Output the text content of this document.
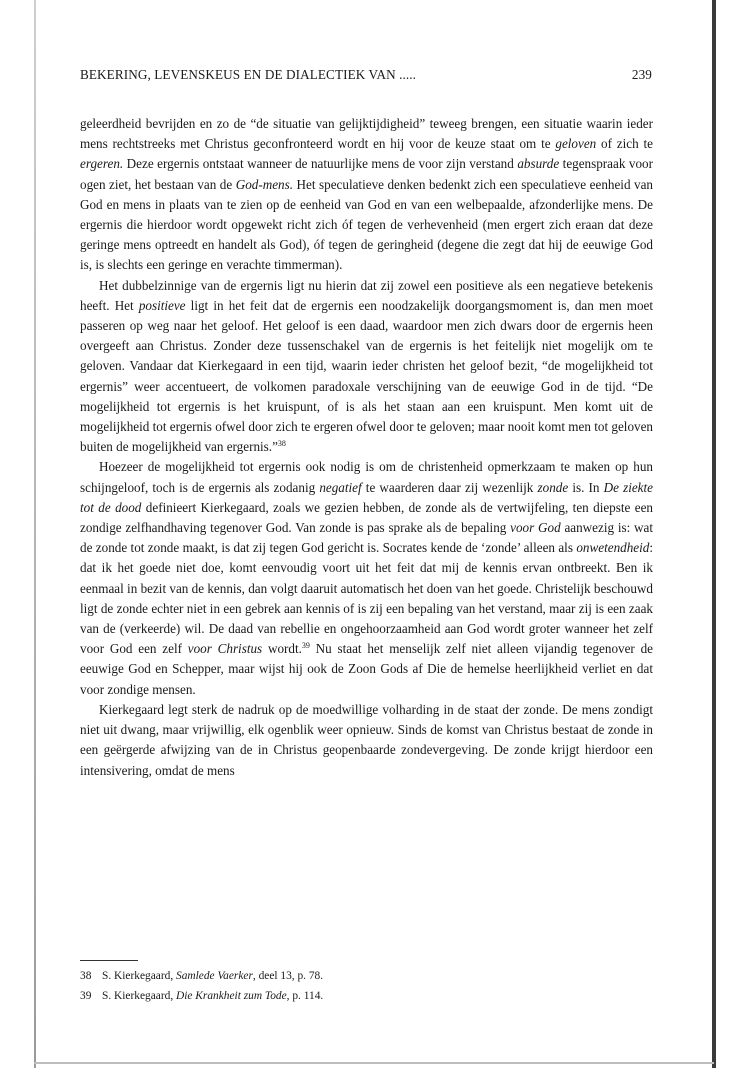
BEKERING, LEVENSKEUS EN DE DIALECTIEK VAN .....	239

geleerdheid bevrijden en zo de “de situatie van gelijktijdigheid” teweeg brengen, een situatie waarin ieder mens rechtstreeks met Christus geconfronteerd wordt en hij voor de keuze staat om te geloven of zich te ergeren. Deze ergernis ontstaat wanneer de natuurlijke mens de voor zijn verstand absurde tegenspraak voor ogen ziet, het bestaan van de God-mens. Het speculatieve denken bedenkt zich een speculatieve eenheid van God en mens in plaats van te zien op de eenheid van God en van een welbepaalde, afzonderlijke mens. De ergernis die hierdoor wordt opgewekt richt zich óf tegen de verhevenheid (men ergert zich eraan dat deze geringe mens optreedt en handelt als God), óf tegen de geringheid (degene die zegt dat hij de eeuwige God is, is slechts een geringe en verachte timmerman).

Het dubbelzinnige van de ergernis ligt nu hierin dat zij zowel een positieve als een negatieve betekenis heeft. Het positieve ligt in het feit dat de ergernis een noodzakelijk doorgangsmoment is, dan men moet passeren op weg naar het geloof. Het geloof is een daad, waardoor men zich dwars door de ergernis heen overgeeft aan Christus. Zonder deze tussenschakel van de ergernis is het feitelijk niet mogelijk om te geloven. Vandaar dat Kierkegaard in een tijd, waarin ieder christen het geloof bezit, “de mogelijkheid tot ergernis” weer accentueert, de volkomen paradoxale verschijning van de eeuwige God in de tijd. “De mogelijkheid tot ergernis is het kruispunt, of is als het staan aan een kruispunt. Men komt uit de mogelijkheid tot ergernis ofwel door zich te ergeren ofwel door te geloven; maar nooit komt men tot geloven buiten de mogelijkheid van ergernis.”$^{38}$

Hoezeer de mogelijkheid tot ergernis ook nodig is om de christenheid opmerkzaam te maken op hun schijngeloof, toch is de ergernis als zodanig negatief te waarderen daar zij wezenlijk zonde is. In De ziekte tot de dood definieert Kierkegaard, zoals we gezien hebben, de zonde als de vertwijfeling, ten diepste een zondige zelfhandhaving tegenover God. Van zonde is pas sprake als de bepaling voor God aanwezig is: wat de zonde tot zonde maakt, is dat zij tegen God gericht is. Socrates kende de ‘zonde’ alleen als onwetendheid: dat ik het goede niet doe, komt eenvoudig voort uit het feit dat mij de kennis ervan ontbreekt. Ben ik eenmaal in bezit van de kennis, dan volgt daaruit automatisch het doen van het goede. Christelijk beschouwd ligt de zonde echter niet in een gebrek aan kennis of is zij een bepaling van het verstand, maar zij is een zaak van de (verkeerde) wil. De daad van rebellie en ongehoorzaamheid aan God wordt groter wanneer het zelf voor God een zelf voor Christus wordt.$^{39}$ Nu staat het menselijk zelf niet alleen vijandig tegenover de eeuwige God en Schepper, maar wijst hij ook de Zoon Gods af Die de hemelse heerlijkheid verliet en dat voor zondige mensen.

Kierkegaard legt sterk de nadruk op de moedwillige volharding in de staat der zonde. De mens zondigt niet uit dwang, maar vrijwillig, elk ogenblik weer opnieuw. Sinds de komst van Christus bestaat de zonde in een geërgerde afwijzing van de in Christus geopenbaarde zondevergeving. De zonde krijgt hierdoor een intensivering, omdat de mens

38 S. Kierkegaard, Samlede Vaerker, deel 13, p. 78.
39 S. Kierkegaard, Die Krankheit zum Tode, p. 114.
